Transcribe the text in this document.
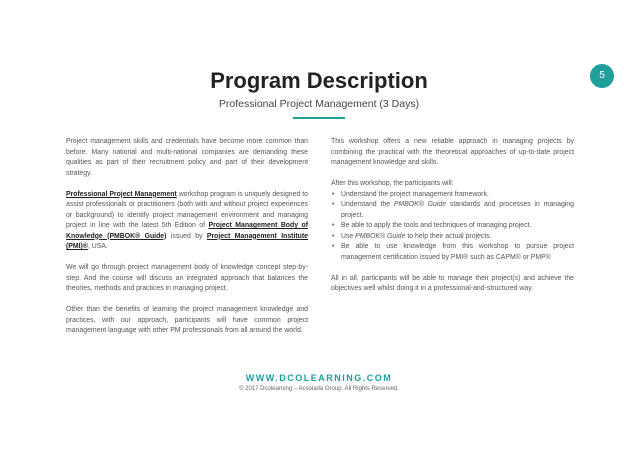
5
Program Description
Professional Project Management (3 Days)

Project management skills and credentials have become more common than before. Many national and multi-national companies are demanding these qualities as part of their recruitment policy and part of their development strategy.

Professional Project Management workshop program is uniquely designed to assist professionals or practitioners (both with and without project experiences or background) to identify project management environment and managing project in line with the latest 5th Edition of Project Management Body of Knowledge (PMBOK® Guide) issued by Project Management Institute (PMI)®, USA.

We will go through project management body of knowledge concept step-by-step. And the course will discuss an integrated approach that balances the theories, methods and practices in managing project.

Other than the benefits of learning the project management knowledge and practices, with our approach, participants will have common project management language with other PM professionals from all around the world.

This workshop offers a new reliable approach in managing projects by combining the practical with the theoretical approaches of up-to-date project management knowledge and skills.

After this workshop, the participants will:

• Understand the project management framework.
• Understand the PMBOK® Guide standards and processes in managing project.
• Be able to apply the tools and techniques of managing project.
• Use PMBOK® Guide to help their actual projects.
• Be able to use knowledge from this workshop to pursue project management certification issued by PMI® such as CAPM® or PMP®

All in all, participants will be able to manage their project(s) and achieve the objectives well whilst doing it in a professional-and-structured way.

WWW.DCOLEARNING.COM
© 2017 Dcolearning – Acsolada Group. All Rights Reserved.
